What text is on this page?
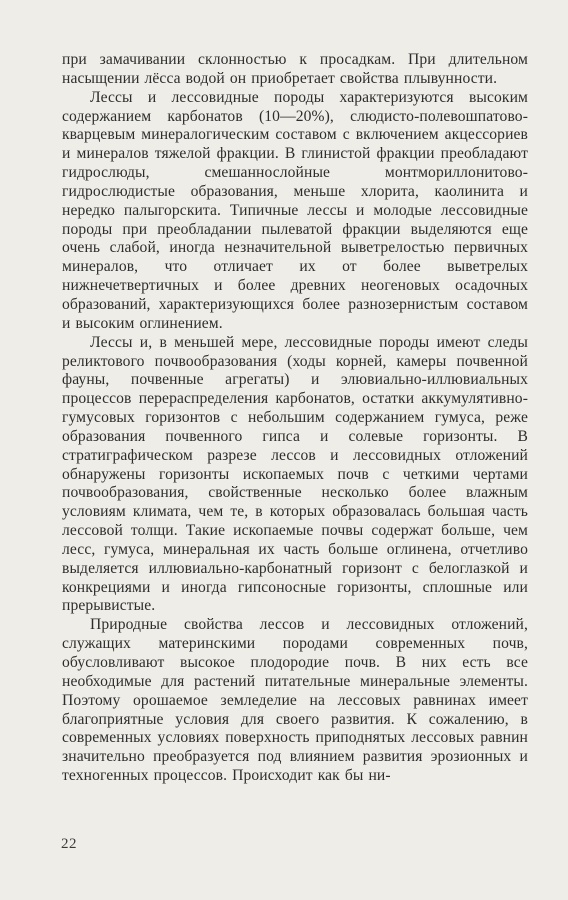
при замачивании склонностью к просадкам. При длительном насыщении лёсса водой он приобретает свойства плывунности.

Лессы и лессовидные породы характеризуются высоким содержанием карбонатов (10—20%), слюдисто-полевошпатово-кварцевым минералогическим составом с включением акцессориев и минералов тяжелой фракции. В глинистой фракции преобладают гидрослюды, смешаннослойные монтмориллонитово-гидрослюдистые образования, меньше хлорита, каолинита и нередко палыгорскита. Типичные лессы и молодые лессовидные породы при преобладании пылеватой фракции выделяются еще очень слабой, иногда незначительной выветрелостью первичных минералов, что отличает их от более выветрелых нижнечетвертичных и более древних неогеновых осадочных образований, характеризующихся более разнозернистым составом и высоким оглинением.

Лессы и, в меньшей мере, лессовидные породы имеют следы реликтового почвообразования (ходы корней, камеры почвенной фауны, почвенные агрегаты) и элювиально-иллювиальных процессов перераспределения карбонатов, остатки аккумулятивно-гумусовых горизонтов с небольшим содержанием гумуса, реже образования почвенного гипса и солевые горизонты. В стратиграфическом разрезе лессов и лессовидных отложений обнаружены горизонты ископаемых почв с четкими чертами почвообразования, свойственные несколько более влажным условиям климата, чем те, в которых образовалась большая часть лессовой толщи. Такие ископаемые почвы содержат больше, чем лесс, гумуса, минеральная их часть больше оглинена, отчетливо выделяется иллювиально-карбонатный горизонт с белоглазкой и конкрециями и иногда гипсоносные горизонты, сплошные или прерывистые.

Природные свойства лессов и лессовидных отложений, служащих материнскими породами современных почв, обусловливают высокое плодородие почв. В них есть все необходимые для растений питательные минеральные элементы. Поэтому орошаемое земледелие на лессовых равнинах имеет благоприятные условия для своего развития. К сожалению, в современных условиях поверхность приподнятых лессовых равнин значительно преобразуется под влиянием развития эрозионных и техногенных процессов. Происходит как бы ни-

22
